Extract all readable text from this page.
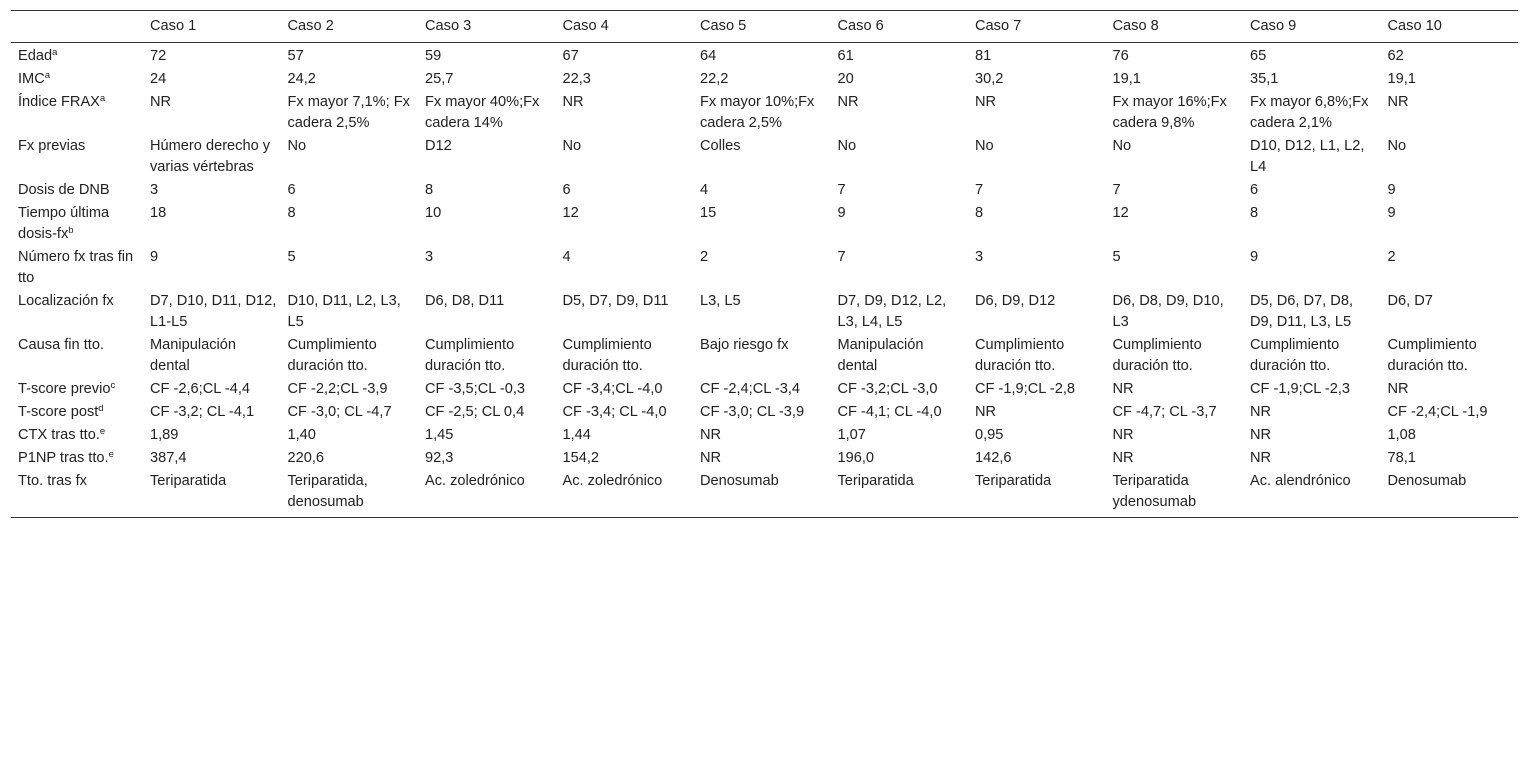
	Caso 1	Caso 2	Caso 3	Caso 4	Caso 5	Caso 6	Caso 7	Caso 8	Caso 9	Caso 10
Edad$^a$	72	57	59	67	64	61	81	76	65	62
IMC$^a$	24	24,2	25,7	22,3	22,2	20	30,2	19,1	35,1	19,1
Índice FRAX$^a$	NR	Fx mayor 7,1%; Fx cadera 2,5%	Fx mayor 40%;Fx cadera 14%	NR	Fx mayor 10%;Fx cadera 2,5%	NR	NR	Fx mayor 16%;Fx cadera 9,8%	Fx mayor 6,8%;Fx cadera 2,1%	NR
Fx previas	Húmero derecho y varias vértebras	No	D12	No	Colles	No	No	No	D10, D12, L1, L2, L4	No
Dosis de DNB	3	6	8	6	4	7	7	7	6	9
Tiempo última dosis-$fx^b$	18	8	10	12	15	9	8	12	8	9
Número fx tras fin tto	9	5	3	4	2	7	3	5	9	2
Localización fx	D7, D10, D11, D12, L1-L5	D10, D11, L2, L3, L5	D6, D8, D11	D5, D7, D9, D11	L3, L5	D7, D9, D12, L2, L3, L4, L5	D6, D9, D12	D6, D8, D9, D10, L3	D5, D6, D7, D8, D9, D11, L3, L5	D6, D7
Causa fin tto.	Manipulación dental	Cumplimiento duración tto.	Cumplimiento duración tto.	Cumplimiento duración tto.	Bajo riesgo fx	Manipulación dental	Cumplimiento duración tto.	Cumplimiento duración tto.	Cumplimiento duración tto.	Cumplimiento duración tto.
T-score previo$^c$	CF -2,6;CL -4,4	CF -2,2;CL -3,9	CF -3,5;CL -0,3	CF -3,4;CL -4,0	CF -2,4;CL -3,4	CF -3,2;CL -3,0	CF -1,9;CL -2,8	NR	CF -1,9;CL -2,3	NR
T-score post$^d$	CF -3,2; CL -4,1	CF -3,0; CL -4,7	CF -2,5; CL 0,4	CF -3,4; CL -4,0	CF -3,0; CL -3,9	CF -4,1; CL -4,0	NR	CF -4,7; CL -3,7	NR	CF -2,4;CL -1,9
CTX tras tto.$^e$	1,89	1,40	1,45	1,44	NR	1,07	0,95	NR	NR	1,08
P1NP tras tto.$^e$	387,4	220,6	92,3	154,2	NR	196,0	142,6	NR	NR	78,1
Tto. tras fx	Teriparatida	Teriparatida, denosumab	Ac. zoledrónico	Ac. zoledrónico	Denosumab	Teriparatida	Teriparatida	Teriparatida ydenosumab	Ac. alendrónico	Denosumab
